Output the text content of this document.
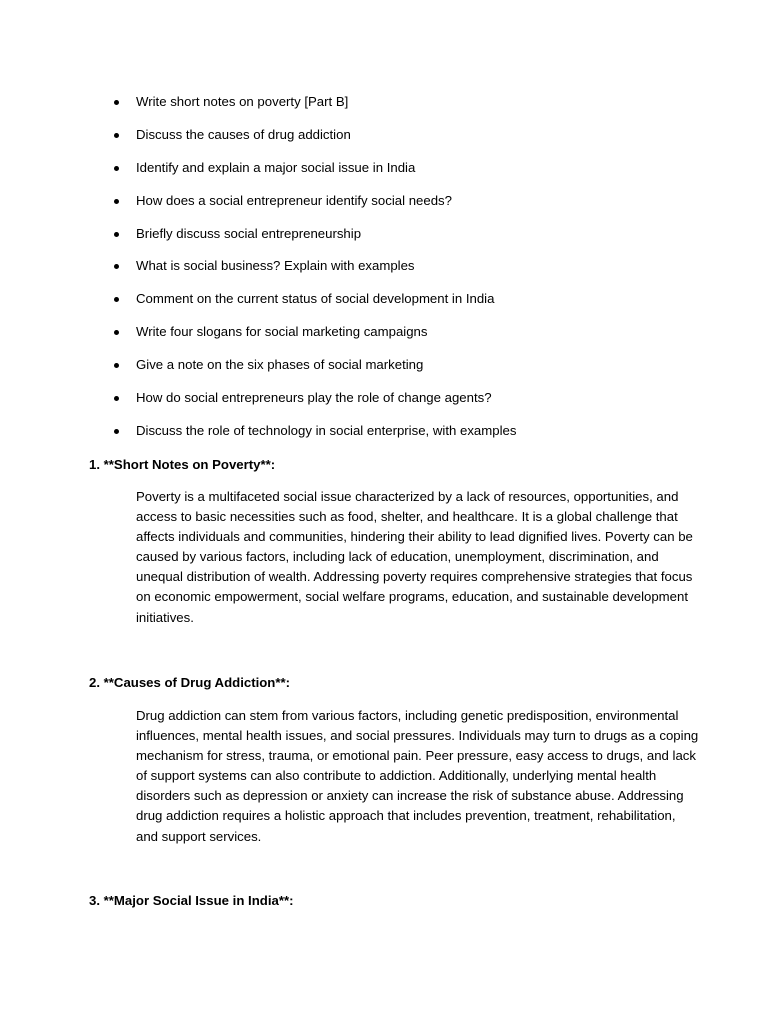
Write short notes on poverty [Part B]
Discuss the causes of drug addiction
Identify and explain a major social issue in India
How does a social entrepreneur identify social needs?
Briefly discuss social entrepreneurship
What is social business? Explain with examples
Comment on the current status of social development in India
Write four slogans for social marketing campaigns
Give a note on the six phases of social marketing
How do social entrepreneurs play the role of change agents?
Discuss the role of technology in social enterprise, with examples
1. **Short Notes on Poverty**:

Poverty is a multifaceted social issue characterized by a lack of resources, opportunities, and
access to basic necessities such as food, shelter, and healthcare. It is a global challenge that
affects individuals and communities, hindering their ability to lead dignified lives. Poverty can be
caused by various factors, including lack of education, unemployment, discrimination, and
unequal distribution of wealth. Addressing poverty requires comprehensive strategies that focus
on economic empowerment, social welfare programs, education, and sustainable development
initiatives.

2. **Causes of Drug Addiction**:

Drug addiction can stem from various factors, including genetic predisposition, environmental
influences, mental health issues, and social pressures. Individuals may turn to drugs as a coping
mechanism for stress, trauma, or emotional pain. Peer pressure, easy access to drugs, and lack
of support systems can also contribute to addiction. Additionally, underlying mental health
disorders such as depression or anxiety can increase the risk of substance abuse. Addressing
drug addiction requires a holistic approach that includes prevention, treatment, rehabilitation,
and support services.

3. **Major Social Issue in India**:
